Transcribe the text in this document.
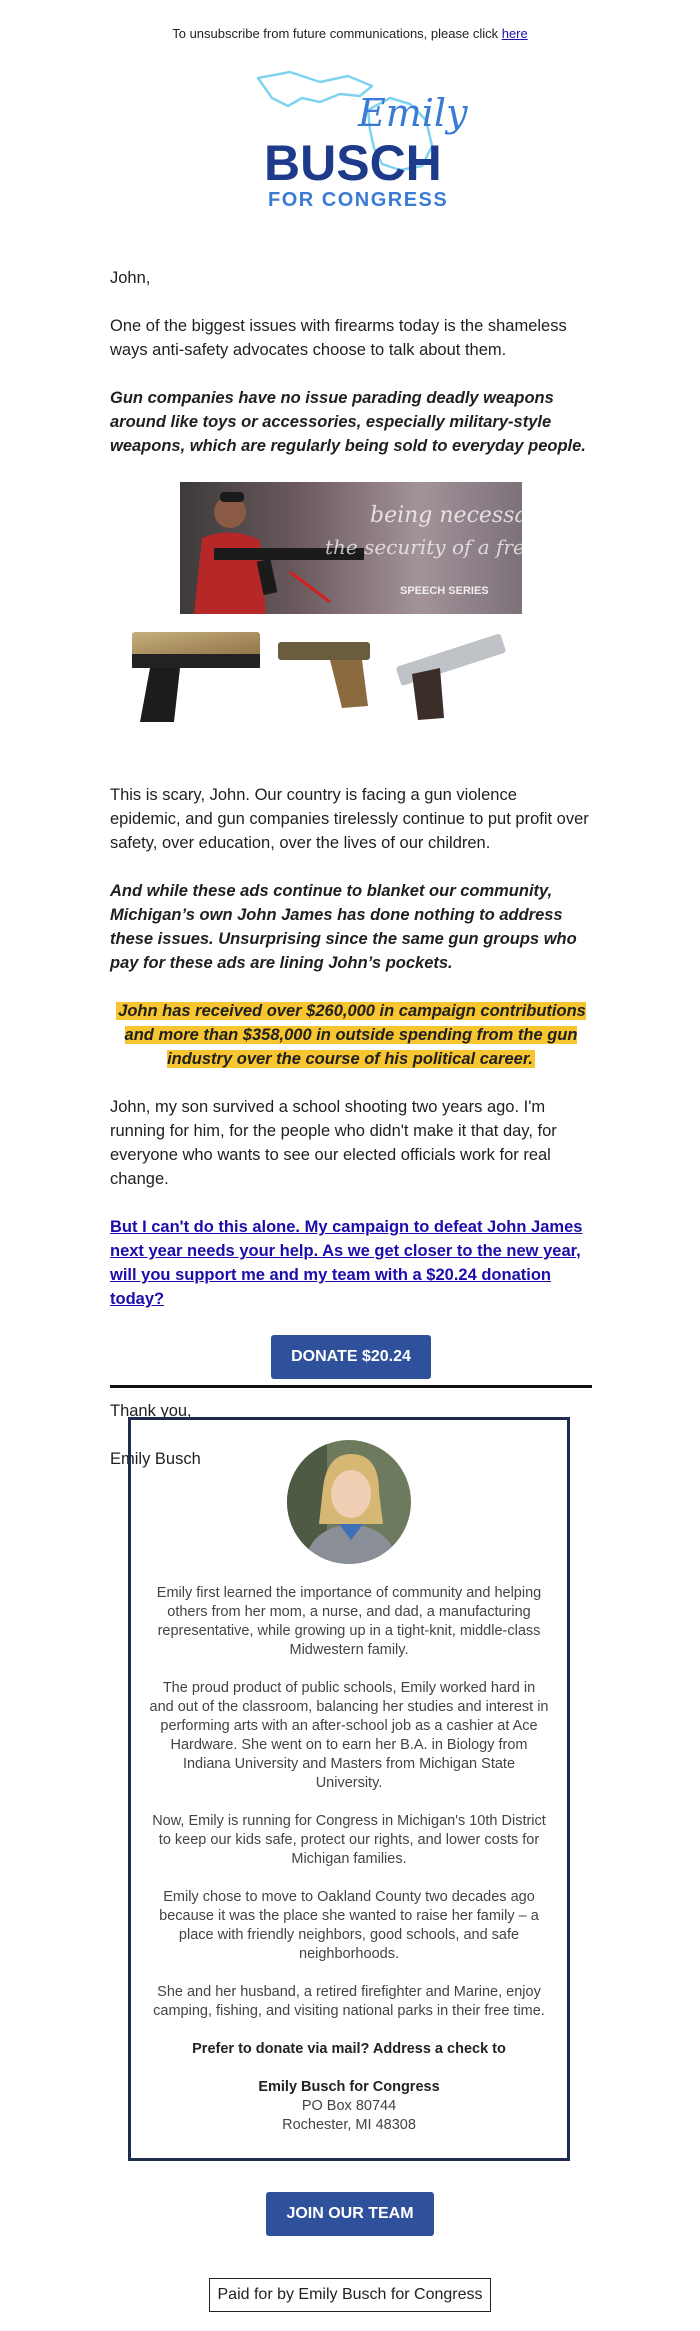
To unsubscribe from future communications, please click here
Emily
BUSCH
FOR CONGRESS

John,

One of the biggest issues with firearms today is the shameless ways anti-safety advocates choose to talk about them.

Gun companies have no issue parading deadly weapons around like toys or accessories, especially military-style weapons, which are regularly being sold to everyday people.

being necessary to
the security of a free State
SPEECH SERIES

This is scary, John. Our country is facing a gun violence epidemic, and gun companies tirelessly continue to put profit over safety, over education, over the lives of our children.

And while these ads continue to blanket our community, Michigan’s own John James has done nothing to address these issues. Unsurprising since the same gun groups who pay for these ads are lining John’s pockets.

John has received over $260,000 in campaign contributions and more than $358,000 in outside spending from the gun industry over the course of his political career.

John, my son survived a school shooting two years ago. I'm running for him, for the people who didn't make it that day, for everyone who wants to see our elected officials work for real change.

But I can't do this alone. My campaign to defeat John James next year needs your help. As we get closer to the new year, will you support me and my team with a $20.24 donation today?

DONATE $20.24

Thank you,

Emily Busch

Emily first learned the importance of community and helping others from her mom, a nurse, and dad, a manufacturing representative, while growing up in a tight-knit, middle-class Midwestern family.

The proud product of public schools, Emily worked hard in and out of the classroom, balancing her studies and interest in performing arts with an after-school job as a cashier at Ace Hardware. She went on to earn her B.A. in Biology from Indiana University and Masters from Michigan State University.

Now, Emily is running for Congress in Michigan's 10th District to keep our kids safe, protect our rights, and lower costs for Michigan families.

Emily chose to move to Oakland County two decades ago because it was the place she wanted to raise her family – a place with friendly neighbors, good schools, and safe neighborhoods.

She and her husband, a retired firefighter and Marine, enjoy camping, fishing, and visiting national parks in their free time.

Prefer to donate via mail? Address a check to

Emily Busch for Congress
PO Box 80744
Rochester, MI 48308
JOIN OUR TEAM
Paid for by Emily Busch for Congress
